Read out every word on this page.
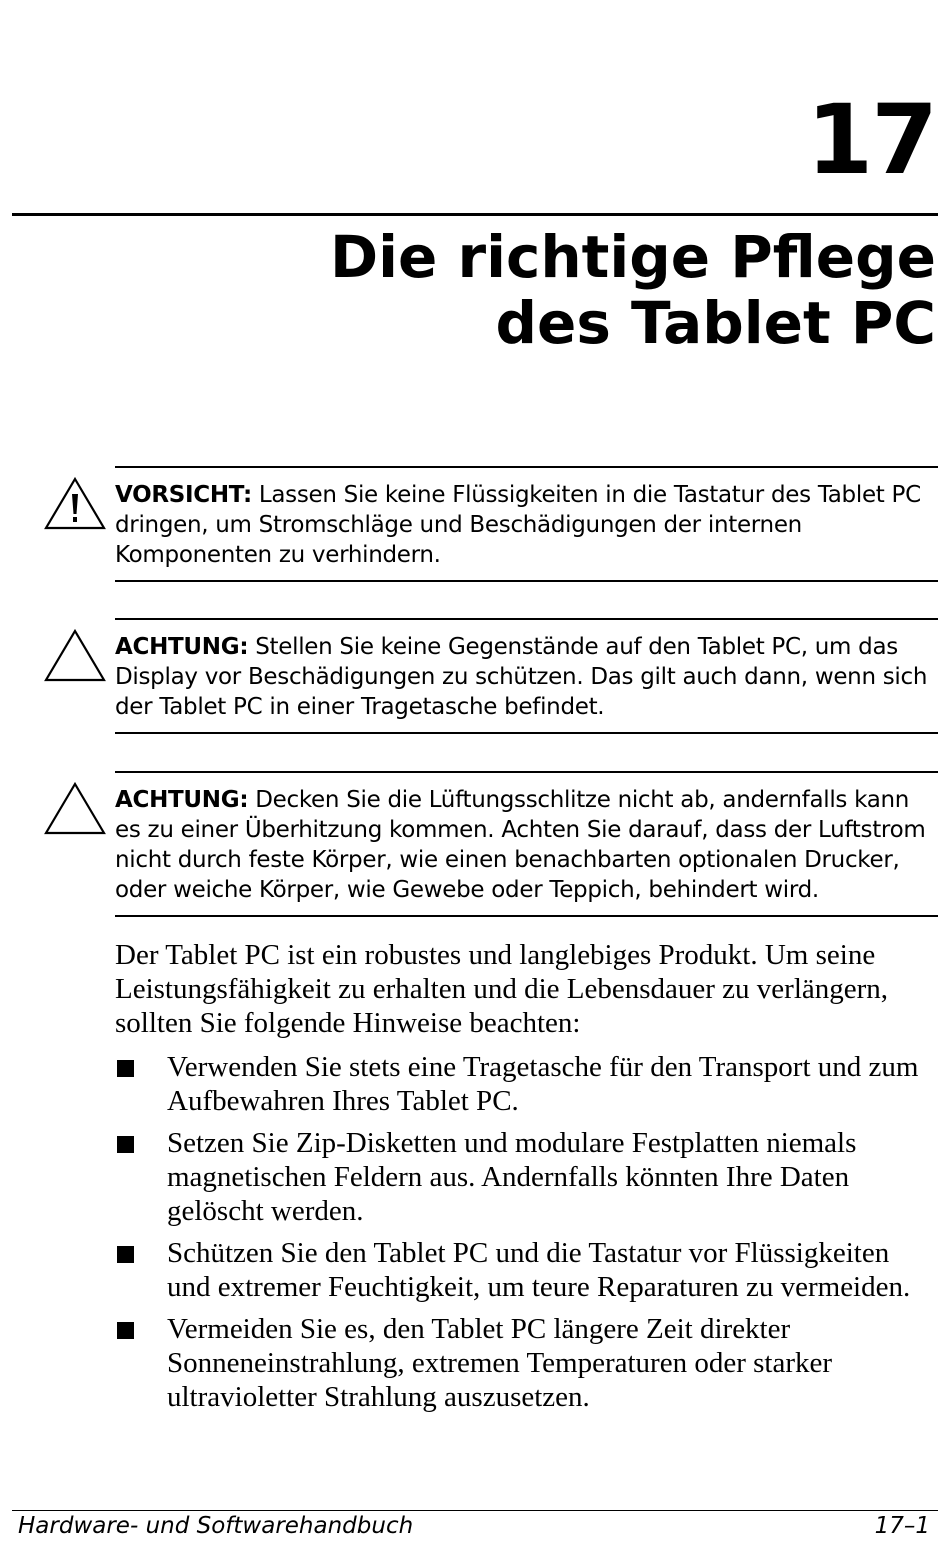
17
Die richtige Pflege
des Tablet PC
VORSICHT: Lassen Sie keine Flüssigkeiten in die Tastatur des Tablet PC dringen, um Stromschläge und Beschädigungen der internen Komponenten zu verhindern.
ACHTUNG: Stellen Sie keine Gegenstände auf den Tablet PC, um das Display vor Beschädigungen zu schützen. Das gilt auch dann, wenn sich der Tablet PC in einer Tragetasche befindet.
ACHTUNG: Decken Sie die Lüftungsschlitze nicht ab, andernfalls kann es zu einer Überhitzung kommen. Achten Sie darauf, dass der Luftstrom nicht durch feste Körper, wie einen benachbarten optionalen Drucker, oder weiche Körper, wie Gewebe oder Teppich, behindert wird.

Der Tablet PC ist ein robustes und langlebiges Produkt. Um seine Leistungsfähigkeit zu erhalten und die Lebensdauer zu verlängern, sollten Sie folgende Hinweise beachten:

Verwenden Sie stets eine Tragetasche für den Transport und zum Aufbewahren Ihres Tablet PC.
Setzen Sie Zip-Disketten und modulare Festplatten niemals magnetischen Feldern aus. Andernfalls könnten Ihre Daten gelöscht werden.
Schützen Sie den Tablet PC und die Tastatur vor Flüssigkeiten und extremer Feuchtigkeit, um teure Reparaturen zu vermeiden.
Vermeiden Sie es, den Tablet PC längere Zeit direkter Sonneneinstrahlung, extremen Temperaturen oder starker ultravioletter Strahlung auszusetzen.
Hardware- und Softwarehandbuch	17–1
